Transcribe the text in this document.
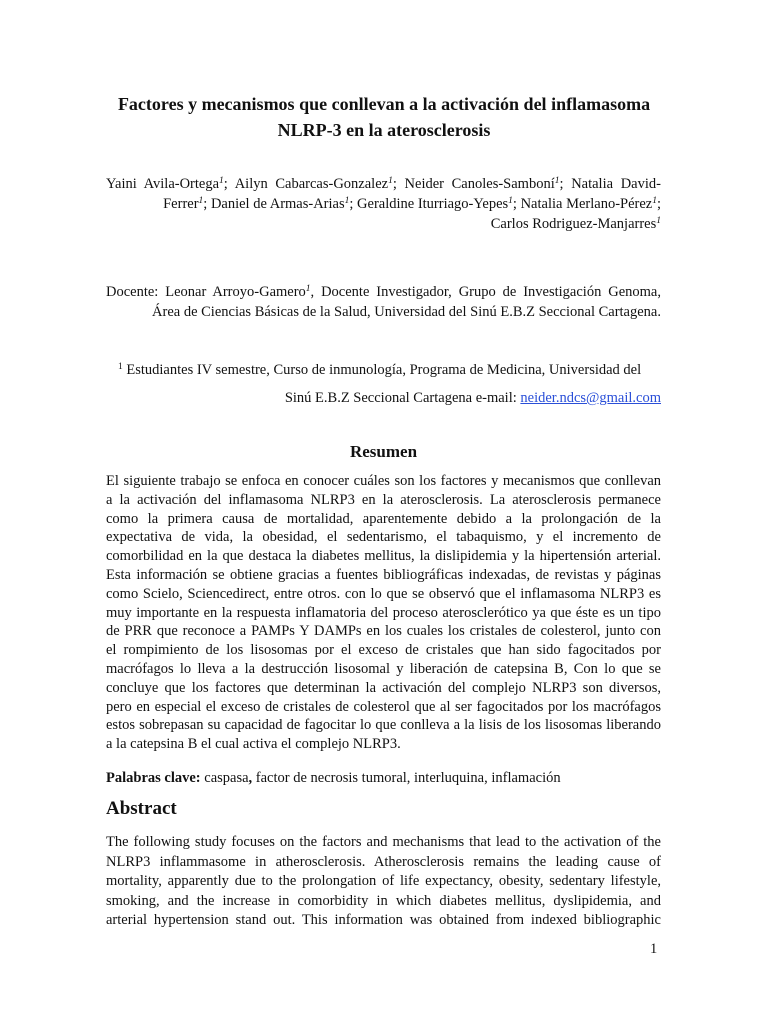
Factores y mecanismos que conllevan a la activación del inflamasoma
NLRP-3 en la aterosclerosis
Yaini Avila-Ortega$^1$; Ailyn Cabarcas-Gonzalez$^1$; Neider Canoles-Samboní$^1$; Natalia David-
Ferrer$^1$; Daniel de Armas-Arias$^1$; Geraldine Iturriago-Yepes$^1$; Natalia Merlano-Pérez$^1$;
Carlos Rodriguez-Manjarres$^1$
Docente: Leonar Arroyo-Gamero$^1$, Docente Investigador, Grupo de Investigación Genoma,
Área de Ciencias Básicas de la Salud, Universidad del Sinú E.B.Z Seccional Cartagena.
$^1$ Estudiantes IV semestre, Curso de inmunología, Programa de Medicina, Universidad del
Sinú E.B.Z Seccional Cartagena e-mail: neider.ndcs@gmail.com
Resumen
El siguiente trabajo se enfoca en conocer cuáles son los factores y mecanismos que conllevan
a la activación del inflamasoma NLRP3 en la aterosclerosis. La aterosclerosis permanece
como la primera causa de mortalidad, aparentemente debido a la prolongación de la
expectativa de vida, la obesidad, el sedentarismo, el tabaquismo, y el incremento de
comorbilidad en la que destaca la diabetes mellitus, la dislipidemia y la hipertensión arterial.
Esta información se obtiene gracias a fuentes bibliográficas indexadas, de revistas y páginas
como Scielo, Sciencedirect, entre otros. con lo que se observó que el inflamasoma NLRP3 es
muy importante en la respuesta inflamatoria del proceso aterosclerótico ya que éste es un tipo
de PRR que reconoce a PAMPs Y DAMPs en los cuales los cristales de colesterol, junto con
el rompimiento de los lisosomas por el exceso de cristales que han sido fagocitados por
macrófagos lo lleva a la destrucción lisosomal y liberación de catepsina B, Con lo que se
concluye que los factores que determinan la activación del complejo NLRP3 son diversos,
pero en especial el exceso de cristales de colesterol que al ser fagocitados por los macrófagos
estos sobrepasan su capacidad de fagocitar lo que conlleva a la lisis de los lisosomas liberando
a la catepsina B el cual activa el complejo NLRP3.
Palabras clave: caspasa, factor de necrosis tumoral, interluquina, inflamación
Abstract
The following study focuses on the factors and mechanisms that lead to the activation of the
NLRP3 inflammasome in atherosclerosis. Atherosclerosis remains the leading cause of
mortality, apparently due to the prolongation of life expectancy, obesity, sedentary lifestyle,
smoking, and the increase in comorbidity in which diabetes mellitus, dyslipidemia, and
arterial hypertension stand out. This information was obtained from indexed bibliographic
1
